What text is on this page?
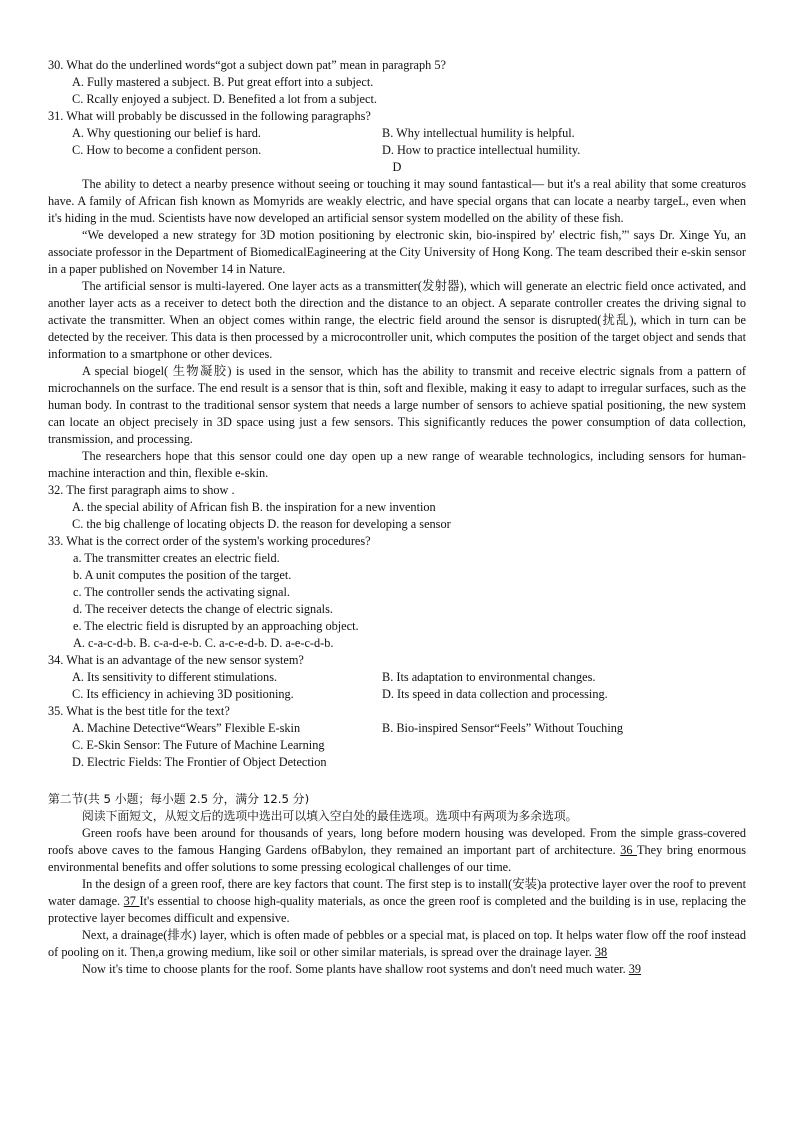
30. What do the underlined words“got a subject down pat” mean in paragraph 5?
A. Fully mastered a subject. B. Put great effort into a subject.
C. Rcally enjoyed a subject. D. Benefited a lot from a subject.
31. What will probably be discussed in the following paragraphs?
A. Why questioning our belief is hard.	B. Why intellectual humility is helpful.
C. How to become a confident person.	D. How to practice intellectual humility.
D

The ability to detect a nearby presence without seeing or touching it may sound fantastical— but it's a real ability that some creaturos have. A family of African fish known as Momyrids are weakly electric, and have special organs that can locate a nearby targeL, even when it's hiding in the mud. Scientists have now developed an artificial sensor system modelled on the ability of these fish.

“We developed a new strategy for 3D motion positioning by electronic skin, bio-inspired by' electric fish,”' says Dr. Xinge Yu, an associate professor in the Department of BiomedicalEagineering at the City University of Hong Kong. The team described their e-skin sensor in a paper published on November 14 in Nature.

The artificial sensor is multi-layered. One layer acts as a transmitter(发射器), which will generate an electric field once activated, and another layer acts as a receiver to detect both the direction and the distance to an object. A separate controller creates the driving signal to activate the transmitter. When an object comes within range, the electric field around the sensor is disrupted(扰乱), which in turn can be detected by the receiver. This data is then processed by a microcontroller unit, which computes the position of the target object and sends that information to a smartphone or other devices.

A special biogel( 生物凝胶) is used in the sensor, which has the ability to transmit and receive electric signals from a pattern of microchannels on the surface. The end result is a sensor that is thin, soft and flexible, making it easy to adapt to irregular surfaces, such as the human body. In contrast to the traditional sensor system that needs a large number of sensors to achieve spatial positioning, the new system can locate an object precisely in 3D space using just a few sensors. This significantly reduces the power consumption of data collection, transmission, and processing.

The researchers hope that this sensor could one day open up a new range of wearable technologics, including sensors for human-machine interaction and thin, flexible e-skin.

32. The first paragraph aims to show .
A. the special ability of African fish B. the inspiration for a new invention
C. the big challenge of locating objects D. the reason for developing a sensor
33. What is the correct order of the system's working procedures?
a. The transmitter creates an electric field.
b. A unit computes the position of the target.
c. The controller sends the activating signal.
d. The receiver detects the change of electric signals.
e. The electric field is disrupted by an approaching object.
A. c-a-c-d-b. B. c-a-d-e-b. C. a-c-e-d-b. D. a-e-c-d-b.
34. What is an advantage of the new sensor system?
A. Its sensitivity to different stimulations.	B. Its adaptation to environmental changes.
C. Its efficiency in achieving 3D positioning.	D. Its speed in data collection and processing.
35. What is the best title for the text?
A. Machine Detective“Wears” Flexible E-skin	B. Bio-inspired Sensor“Feels” Without Touching
C. E-Skin Sensor: The Future of Machine Learning
D. Electric Fields: The Frontier of Object Detection
第二节(共 5 小题；每小题 2.5 分，满分 12.5 分)
阅读下面短文，从短文后的选项中选出可以填入空白处的最佳选项。选项中有两项为多余选项。

Green roofs have been around for thousands of years, long before modern housing was developed. From the simple grass-covered roofs above caves to the famous Hanging Gardens ofBabylon, they remained an important part of architecture. 36 They bring enormous environmental benefits and offer solutions to some pressing ecological challenges of our time.

In the design of a green roof, there are key factors that count. The first step is to install(安装)a protective layer over the roof to prevent water damage. 37 It's essential to choose high-quality materials, as once the green roof is completed and the building is in use, replacing the protective layer becomes difficult and expensive.

Next, a drainage(排水) layer, which is often made of pebbles or a special mat, is placed on top. It helps water flow off the roof instead of pooling on it. Then,a growing medium, like soil or other similar materials, is spread over the drainage layer. 38

Now it's time to choose plants for the roof. Some plants have shallow root systems and don't need much water. 39
